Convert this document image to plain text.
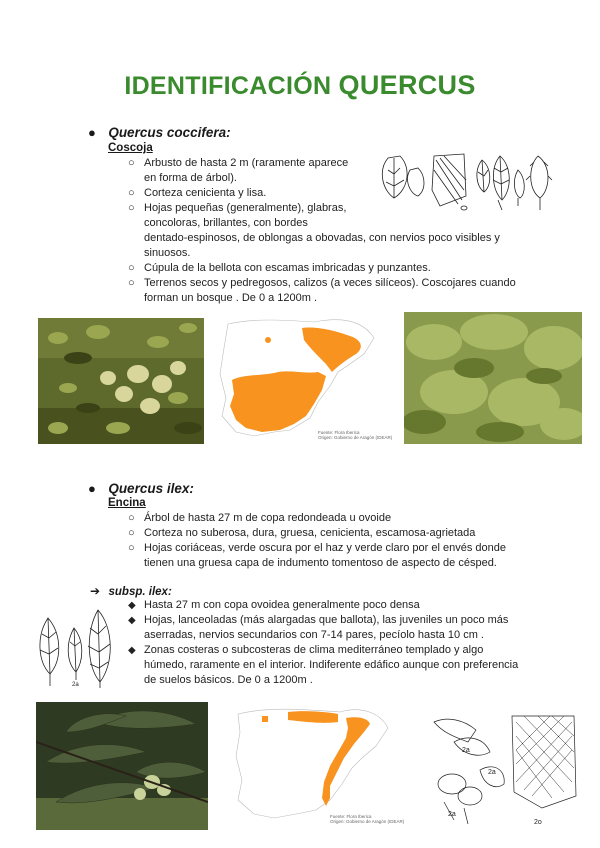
IDENTIFICACIÓN QUERCUS
● Quercus coccifera:
Coscoja
○ Arbusto de hasta 2 m (raramente aparece
en forma de árbol).
○ Corteza cenicienta y lisa.
○ Hojas pequeñas (generalmente), glabras,
concoloras, brillantes, con bordes
dentado-espinosos, de oblongas a obovadas, con nervios poco visibles y
sinuosos.
○ Cúpula de la bellota con escamas imbricadas y punzantes.
○ Terrenos secos y pedregosos, calizos (a veces silíceos). Coscojares cuando
forman un bosque . De 0 a 1200m .
Fuente: Flora Iberica
Origen: Gobierno de Aragón (IDEAR)
● Quercus ilex:
Encina
○ Árbol de hasta 27 m de copa redondeada u ovoide
○ Corteza no suberosa, dura, gruesa, cenicienta, escamosa-agrietada
○ Hojas coriáceas, verde oscura por el haz y verde claro por el envés donde
tienen una gruesa capa de indumento tomentoso de aspecto de césped.
➔ subsp. ilex:
◆ Hasta 27 m con copa ovoidea generalmente poco densa
◆ Hojas, lanceoladas (más alargadas que ballota), las juveniles un poco más
aserradas, nervios secundarios con 7-14 pares, pecíolo hasta 10 cm .
◆ Zonas costeras o subcosteras de clima mediterráneo templado y algo
húmedo, raramente en el interior. Indiferente edáfico aunque con preferencia
de suelos básicos. De 0 a 1200m .
2a
Fuente: Flora Iberica
Origen: Gobierno de Aragón (IDEAR)
2a
2a
2a
2o
